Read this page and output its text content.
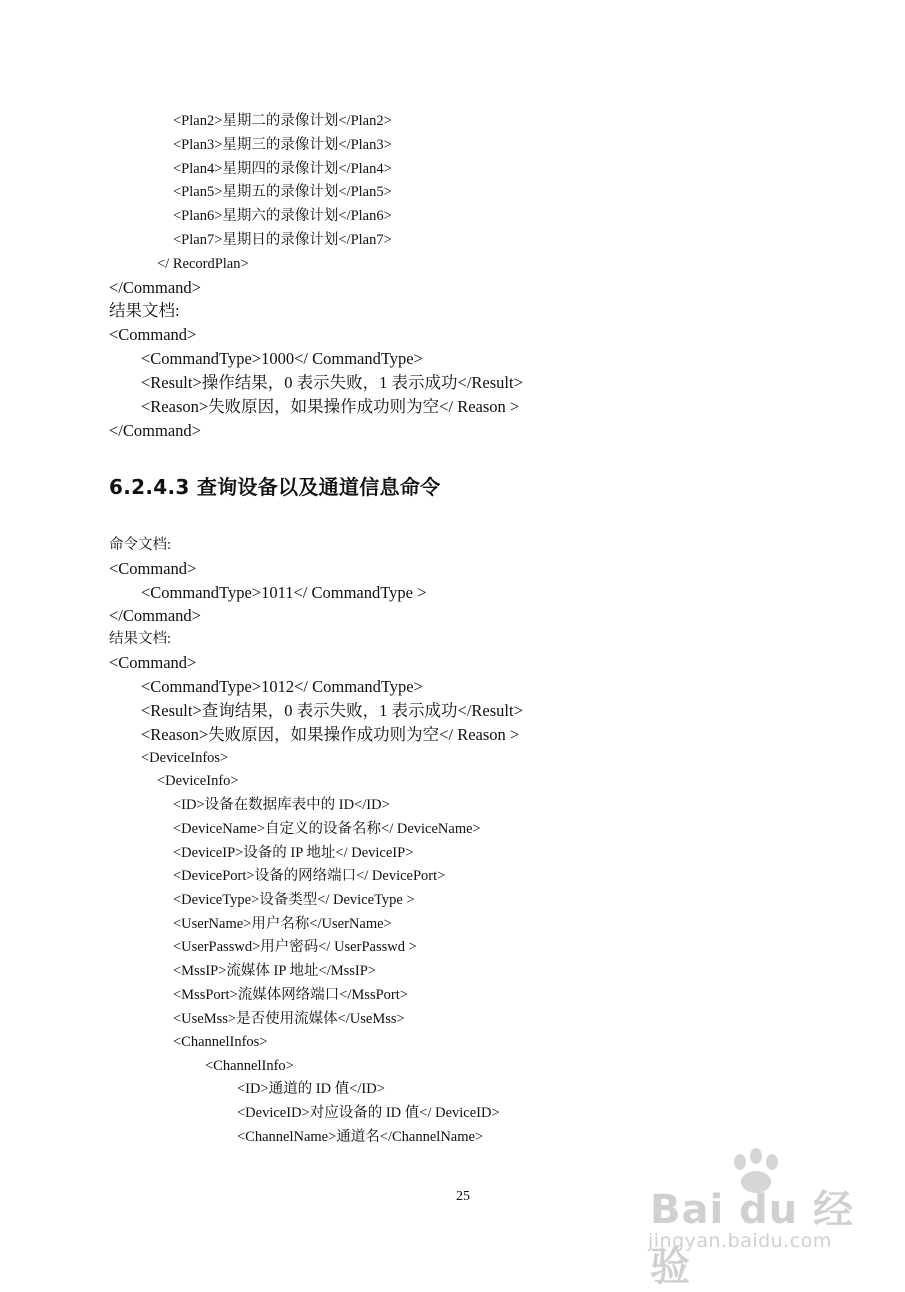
<Plan2>星期二的录像计划</Plan2>
<Plan3>星期三的录像计划</Plan3>
<Plan4>星期四的录像计划</Plan4>
<Plan5>星期五的录像计划</Plan5>
<Plan6>星期六的录像计划</Plan6>
<Plan7>星期日的录像计划</Plan7>
</ RecordPlan>
</Command>
结果文档:
<Command>
<CommandType>1000</ CommandType>
<Result>操作结果，0 表示失败，1 表示成功</Result>
<Reason>失败原因，如果操作成功则为空</ Reason >
</Command>
6.2.4.3 查询设备以及通道信息命令
命令文档:
<Command>
<CommandType>1011</ CommandType >
</Command>
结果文档:
<Command>
<CommandType>1012</ CommandType>
<Result>查询结果，0 表示失败，1 表示成功</Result>
<Reason>失败原因，如果操作成功则为空</ Reason >
<DeviceInfos>
<DeviceInfo>
<ID>设备在数据库表中的 ID</ID>
<DeviceName>自定义的设备名称</ DeviceName>
<DeviceIP>设备的 IP 地址</ DeviceIP>
<DevicePort>设备的网络端口</ DevicePort>
<DeviceType>设备类型</ DeviceType >
<UserName>用户名称</UserName>
<UserPasswd>用户密码</ UserPasswd >
<MssIP>流媒体 IP 地址</MssIP>
<MssPort>流媒体网络端口</MssPort>
<UseMss>是否使用流媒体</UseMss>
<ChannelInfos>
<ChannelInfo>
<ID>通道的 ID 值</ID>
<DeviceID>对应设备的 ID 值</ DeviceID>
<ChannelName>通道名</ChannelName>
25	Bai du 经验
jingyan.baidu.com
